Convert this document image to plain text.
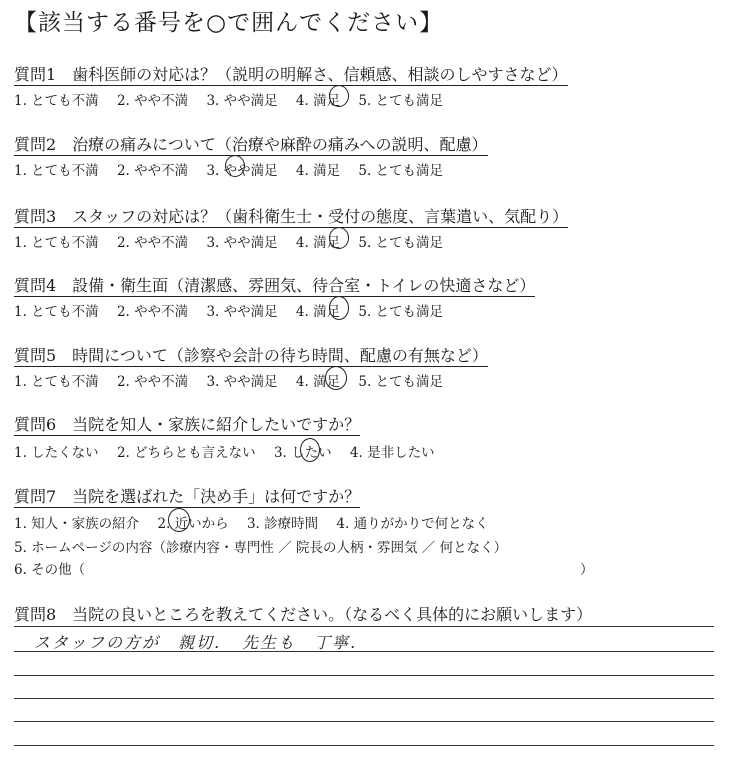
【該当する番号を○で囲んでください】
質問1　歯科医師の対応は？（説明の明解さ、信頼感、相談のしやすさなど）
1. とても不満 2. やや不満 3. やや満足 4. 満足 5. とても満足
質問2　治療の痛みについて（治療や麻酔の痛みへの説明、配慮）
1. とても不満 2. やや不満 3. やや満足 4. 満足 5. とても満足
質問3　スタッフの対応は？（歯科衛生士・受付の態度、言葉遣い、気配り）
1. とても不満 2. やや不満 3. やや満足 4. 満足 5. とても満足
質問4　設備・衛生面（清潔感、雰囲気、待合室・トイレの快適さなど）
1. とても不満 2. やや不満 3. やや満足 4. 満足 5. とても満足
質問5　時間について（診察や会計の待ち時間、配慮の有無など）
1. とても不満 2. やや不満 3. やや満足 4. 満足 5. とても満足
質問6　当院を知人・家族に紹介したいですか？
1. したくない 2. どちらとも言えない 3. したい 4. 是非したい
質問7　当院を選ばれた「決め手」は何ですか？
1. 知人・家族の紹介 2. 近いから 3. 診療時間 4. 通りがかりで何となく
5. ホームページの内容（診療内容・専門性 ／ 院長の人柄・雰囲気 ／ 何となく）
6. その他（	）
質問8　当院の良いところを教えてください。（なるべく具体的にお願いします）
スタッフの方が　親切．　先生も　丁寧．
